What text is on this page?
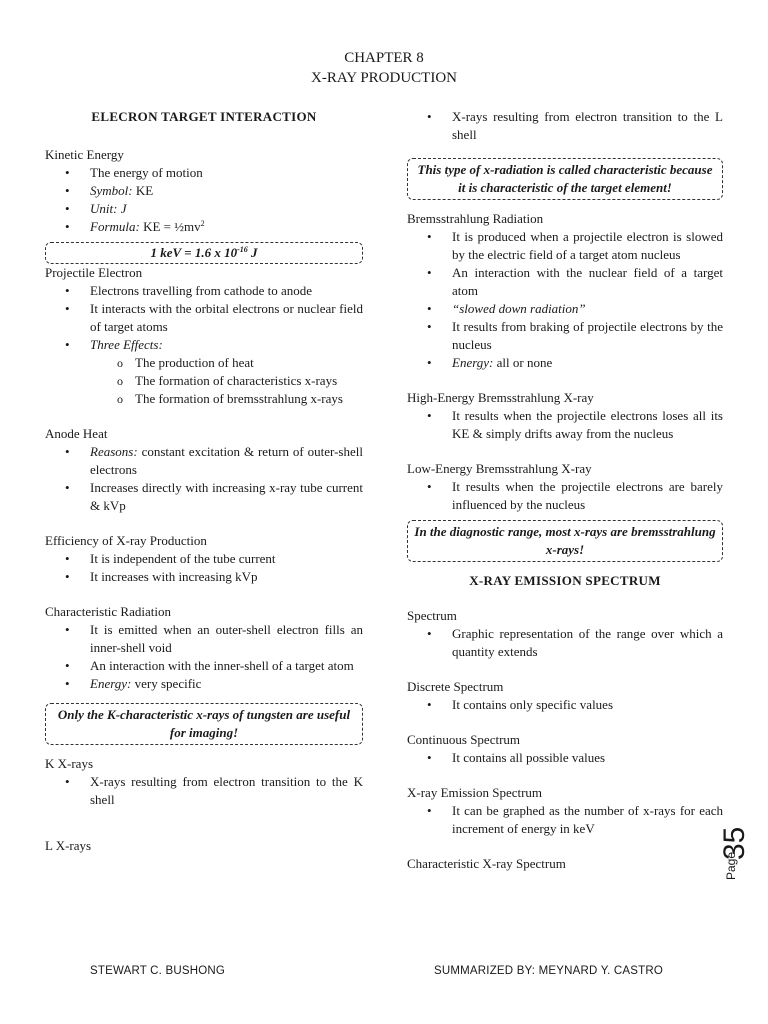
CHAPTER 8
X-RAY PRODUCTION

ELECRON TARGET INTERACTION

Kinetic Energy

• The energy of motion
• Symbol: KE
• Unit: J
• Formula: KE = $\frac{1}{2}mv^2$
1 keV = 1.6 x $10^{-16}$ J

Projectile Electron

• Electrons travelling from cathode to anode
• It interacts with the orbital electrons or nuclear field of target atoms
• Three Effects:
o The production of heat
o The formation of characteristics x-rays
o The formation of bremsstrahlung x-rays

Anode Heat

• Reasons: constant excitation & return of outer-shell electrons
• Increases directly with increasing x-ray tube current & kVp

Efficiency of X-ray Production

• It is independent of the tube current
• It increases with increasing kVp

Characteristic Radiation

• It is emitted when an outer-shell electron fills an inner-shell void
• An interaction with the inner-shell of a target atom
• Energy: very specific
Only the K-characteristic x-rays of tungsten are useful for imaging!

K X-rays

• X-rays resulting from electron transition to the K shell

L X-rays

• X-rays resulting from electron transition to the L shell
This type of x-radiation is called characteristic because it is characteristic of the target element!

Bremsstrahlung Radiation

• It is produced when a projectile electron is slowed by the electric field of a target atom nucleus
• An interaction with the nuclear field of a target atom
• “slowed down radiation”
• It results from braking of projectile electrons by the nucleus
• Energy: all or none

High-Energy Bremsstrahlung X-ray

• It results when the projectile electrons loses all its KE & simply drifts away from the nucleus

Low-Energy Bremsstrahlung X-ray

• It results when the projectile electrons are barely influenced by the nucleus
In the diagnostic range, most x-rays are bremsstrahlung x-rays!

X-RAY EMISSION SPECTRUM

Spectrum

• Graphic representation of the range over which a quantity extends

Discrete Spectrum

• It contains only specific values

Continuous Spectrum

• It contains all possible values

X-ray Emission Spectrum

• It can be graphed as the number of x-rays for each increment of energy in keV

Characteristic X-ray Spectrum

35
Page
STEWART C. BUSHONG	SUMMARIZED BY: MEYNARD Y. CASTRO
